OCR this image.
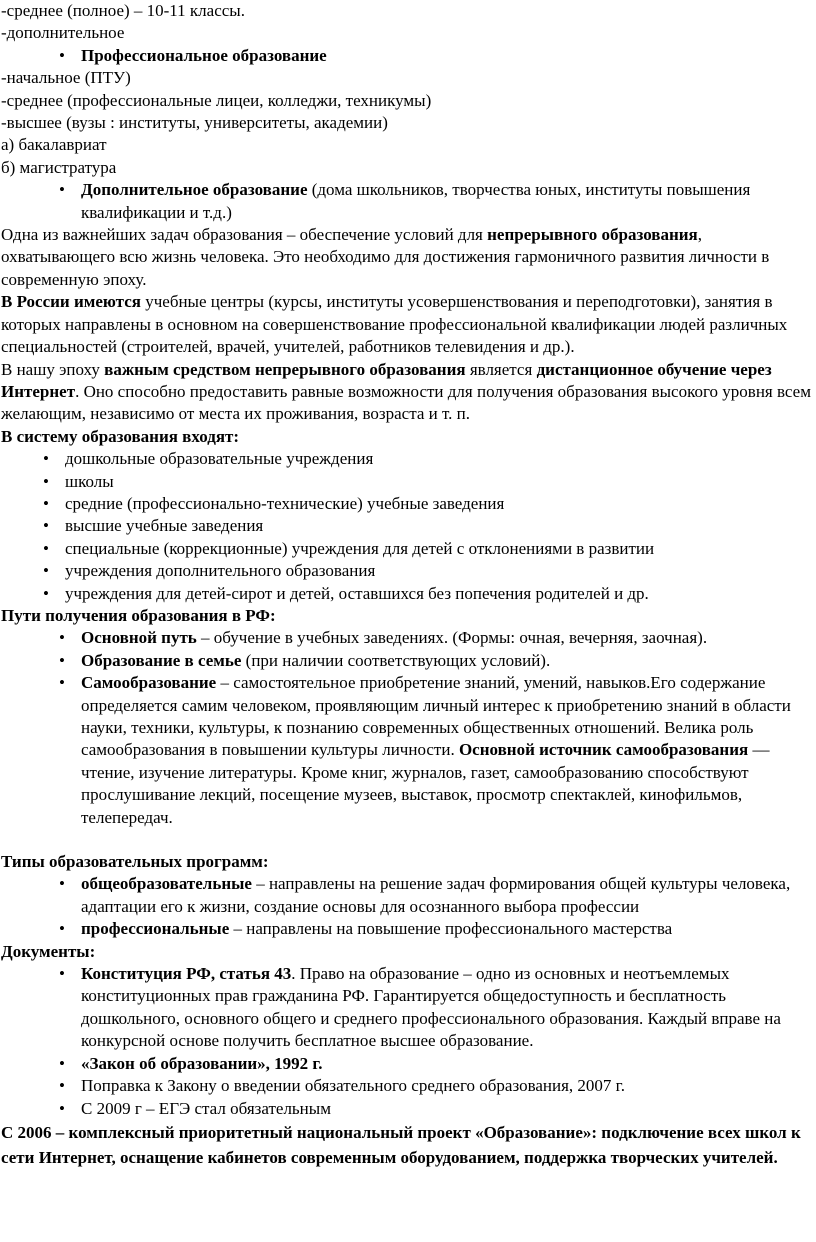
-среднее (полное) – 10-11 классы.
-дополнительное
• Профессиональное образование
-начальное (ПТУ)
-среднее (профессиональные лицеи, колледжи, техникумы)
-высшее (вузы : институты, университеты, академии)
а) бакалавриат
б) магистратура
• Дополнительное образование (дома школьников, творчества юных, институты повышения квалификации и т.д.)

Одна из важнейших задач образования – обеспечение условий для непрерывного образования, охватывающего всю жизнь человека. Это необходимо для достижения гармоничного развития личности в современную эпоху.

В России имеются учебные центры (курсы, институты усовершенствования и переподготовки), занятия в которых направлены в основном на совершенствование профессиональной квалификации людей различных специальностей (строителей, врачей, учителей, работников телевидения и др.).

В нашу эпоху важным средством непрерывного образования является дистанционное обучение через Интернет. Оно способно предоставить равные возможности для получения образования высокого уровня всем желающим, независимо от места их проживания, возраста и т. п.

В систему образования входят:

• дошкольные образовательные учреждения
• школы
• средние (профессионально-технические) учебные заведения
• высшие учебные заведения
• специальные (коррекционные) учреждения для детей с отклонениями в развитии
• учреждения дополнительного образования
• учреждения для детей-сирот и детей, оставшихся без попечения родителей и др.

Пути получения образования в РФ:

• Основной путь – обучение в учебных заведениях. (Формы: очная, вечерняя, заочная).
• Образование в семье (при наличии соответствующих условий).
• Самообразование – самостоятельное приобретение знаний, умений, навыков.Его содержание определяется самим человеком, проявляющим личный интерес к приобретению знаний в области науки, техники, культуры, к познанию современных общественных отношений. Велика роль самообразования в повышении культуры личности. Основной источник самообразования — чтение, изучение литературы. Кроме книг, журналов, газет, самообразованию способствуют прослушивание лекций, посещение музеев, выставок, просмотр спектаклей, кинофильмов, телепередач.

Типы образовательных программ:

• общеобразовательные – направлены на решение задач формирования общей культуры человека, адаптации его к жизни, создание основы для осознанного выбора профессии
• профессиональные – направлены на повышение профессионального мастерства

Документы:

• Конституция РФ, статья 43. Право на образование – одно из основных и неотъемлемых конституционных прав гражданина РФ. Гарантируется общедоступность и бесплатность дошкольного, основного общего и среднего профессионального образования. Каждый вправе на конкурсной основе получить бесплатное высшее образование.
• «Закон об образовании», 1992 г.
• Поправка к Закону о введении обязательного среднего образования, 2007 г.
• С 2009 г – ЕГЭ стал обязательным

С 2006 – комплексный приоритетный национальный проект «Образование»: подключение всех школ к сети Интернет, оснащение кабинетов современным оборудованием, поддержка творческих учителей.
